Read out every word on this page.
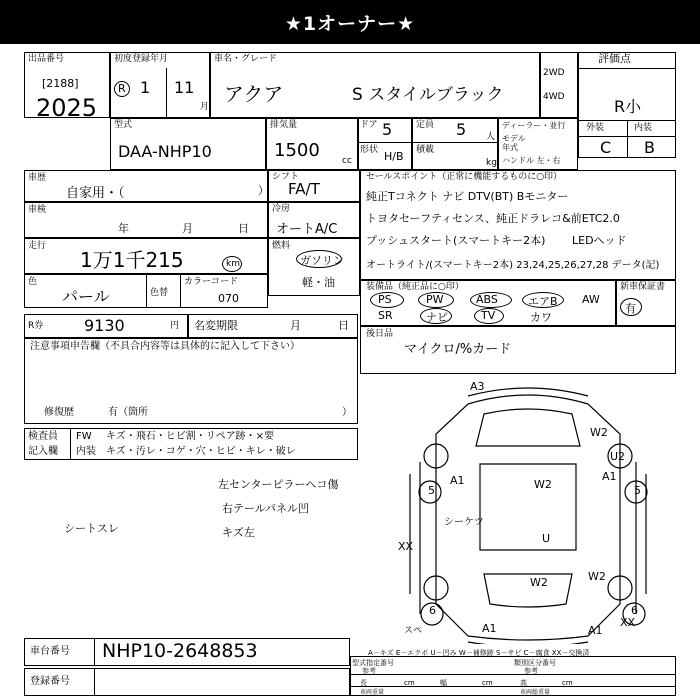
★1オーナー★
出品番号
[2188]
2025
初度登録年月
R 1 11
月
車名・グレード
アクア	S スタイルブラック
2WD
4WD
評価点
R小
外装	内装
C B
型式
DAA-NHP10
排気量
1500 cc
ドア 5
形状 H/B
定員 5 人
積載
kg
ディーラー・並行
モデル
年式
ハンドル 左・右
車歴
自家用・（	）
シフト
FA/T
車検
年	月	日
冷房
オートA/C
走行
1万1千215	km
燃料
ガソリン
軽・油
色
パール	色替
カラーコード
070
R券	9130	円 名変期限	月	日
セールスポイント（正常に機能するものに○印）
純正Tコネクト ナビ DTV(BT) Bモニター
トヨタセーフティセンス、純正ドラレコ&前ETC2.0
プッシュスタート(スマートキー2本) LEDヘッド
オートライト/(スマートキー2本) 23,24,25,26,27,28 データ(記)
装備品（純正品に○印）
PS	PW	ABS	エアB AW
SR	ナビ	TV	カワ
新車保証書
有
後日品
マイクロ/%カード
注意事項申告欄（不具合内容等は具体的に記入して下さい）
修復歴	有（箇所	）
検査員
記入欄
FW キズ・飛石・ヒビ割・リペア跡・×要
内装 キズ・汚レ・コゲ・穴・ヒビ・キレ・破レ
左センターピラーへコ傷
右テールパネル凹
キズ左
シートスレ
A3
W2
U2
5	5
A1	A1
W2
U
シーケツ
XX
6	6
W2	W2
XX
A1
スペ	A1
A－キズ E－エクボ U－凹み W－補修跡 S－サビ C－腐食 XX－交換済
車台番号 NHP10-2648853
登録番号
型式指定番号
参考
類別区分番号
参考
長	cm	幅	cm	高	cm
車両重量	車両総重量
